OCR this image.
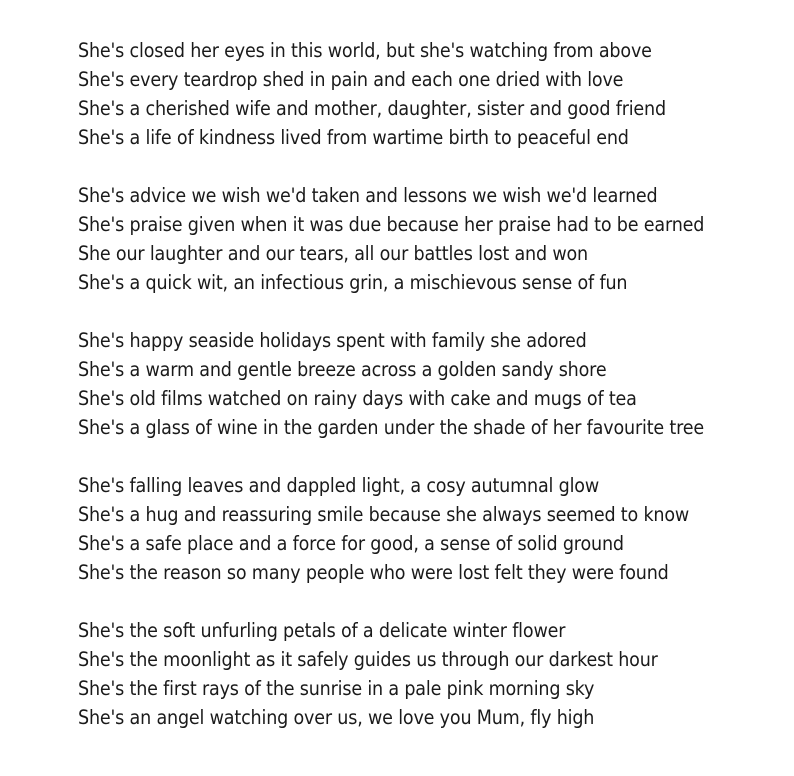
She's closed her eyes in this world, but she's watching from above
She's every teardrop shed in pain and each one dried with love
She's a cherished wife and mother, daughter, sister and good friend
She's a life of kindness lived from wartime birth to peaceful end
She's advice we wish we'd taken and lessons we wish we'd learned
She's praise given when it was due because her praise had to be earned
She our laughter and our tears, all our battles lost and won
She's a quick wit, an infectious grin, a mischievous sense of fun
She's happy seaside holidays spent with family she adored
She's a warm and gentle breeze across a golden sandy shore
She's old films watched on rainy days with cake and mugs of tea
She's a glass of wine in the garden under the shade of her favourite tree
She's falling leaves and dappled light, a cosy autumnal glow
She's a hug and reassuring smile because she always seemed to know
She's a safe place and a force for good, a sense of solid ground
She's the reason so many people who were lost felt they were found
She's the soft unfurling petals of a delicate winter flower
She's the moonlight as it safely guides us through our darkest hour
She's the first rays of the sunrise in a pale pink morning sky
She's an angel watching over us, we love you Mum, fly high
